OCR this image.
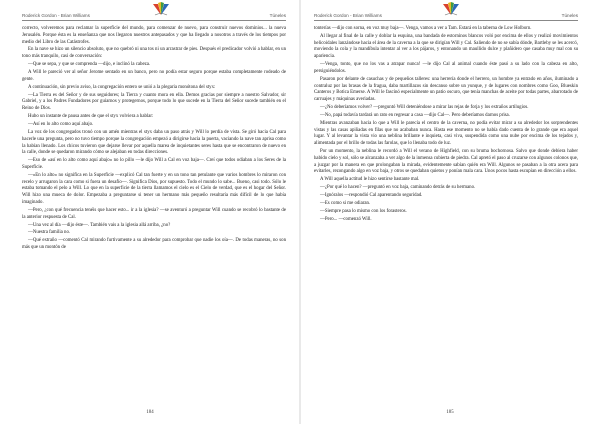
Roderick Gordon - Brian Williams	Túneles

correcto, volveremos para reclamar la superficie del mundo, para comenzar de nuevo, para construir nuevos dominios... la nueva Jerusalén. Porque ésta es la enseñanza que nos llegaron nuestros antepasados y que ha llegado a nosotros a través de los tiempos por medio del Libro de las Catástrofes.

En la nave se hizo un silencio absoluto, que no quebró ni una tos ni un arrastrar de pies. Después el predicador volvió a hablar, en un tono más tranquilo, casi de conversación:

—Que se sepa, y que se comprenda —dijo, e inclinó la cabeza.

A Will le pareció ver al señor Jerome sentado en un banco, pero no podía estar seguro porque estaba completamente rodeado de gente.

A continuación, sin previo aviso, la congregación entero se unió a la plegaria monótona del styx:

—La Tierra es del Señor y de sus seguidores; la Tierra y cuanto mora en ella. Demos gracias por siempre a nuestro Salvador, sir Gabriel, y a los Padres Fundadores por guiarnos y protegernos, porque todo lo que sucede en la Tierra del Señor sucede también en el Reino de Dios.

Hubo un instante de pausa antes de que el styx volviera a hablar:

—Así en lo alto como aquí abajo.

La voz de los congregados tronó con un amén mientras el styx daba un paso atrás y Will lo perdía de vista. Se giró hacia Cal para hacerle una pregunta, pero no tuvo tiempo porque la congregación empezó a dirigirse hacia la puerta, vaciando la nave tan aprisa como la habían llenado. Los chicos tuvieron que dejarse llevar por aquella marea de inquietantes seres hasta que se encontraron de nuevo en la calle, donde se quedaron mirando cómo se alejaban en todas direcciones.

—Eso de «así en lo alto como aquí abajo» no lo pillo —le dijo Will a Cal en voz baja—. Creí que todos odiaban a los Seres de la Superficie.

—«En lo alto» no significa en la Superficie —explicó Cal tan fuerte y en un tono tan petulante que varios hombres lo miraron con recelo y arrugaron la cara como si fuera un desafío—. Significa Dios, por supuesto. Todo el mundo lo sabe... Bueno, casi todo. Sólo le estaba tomando el pelo a Will. Lo que en la superficie de la tierra llamamos el cielo es el Cielo de verdad, que es el hogar del Señor. Will hizo una mueca de dolor. Empezaba a preguntarse si tener un hermano más pequeño resultaría más difícil de lo que había imaginado.

—Pero, ¿con qué frecuencia tenéis que hacer esto... ir a la iglesia? —se aventuró a preguntar Will cuando se recobró lo bastante de la anterior respuesta de Cal.

—Una vez al día —dijo éste—. También vais a la iglesia allá arriba, ¿no?

—Nuestra familia no.

—Qué extraño —comentó Cal mirando furtivamente a su alrededor para comprobar que nadie los oía—. De todas maneras, no son más que un montón de

184
Roderick Gordon - Brian Williams	Túneles

tonterías —dijo con sorna, en voz muy baja—. Venga, vamos a ver a Tam. Estará en la taberna de Low Holborn.

Al llegar al final de la calle y doblar la esquina, una bandada de estorninos blancos voló por encima de ellos y realizó movimientos helicoidales lanzándose hacia el área de la caverna a la que se dirigían Will y Cal. Saliendo de no se sabía dónde, Bartleby se les acercó, moviendo la cola y la mandíbula intentar al ver a los pájaros, y entonando un maullido dulce y plañidero que casaba muy mal con su apariencia.

—Venga, tonto, que no los vas a atrapar nunca! —le dijo Cal al animal cuando éste pasó a su lado con la cabeza en alto, persiguiéndolos.

Pasaron por delante de casuchas y de pequeños talleres: una herrería donde el herrero, un hombre ya entrado en años, iluminado a contraluz por las brasas de la fragua, daba martillazos sin descanso sobre un yunque, y de lugares con nombres como Goo, Blueskin Canteros y Botica Emerse. A Will le fascinó especialmente un patio oscuro, que tenía manchas de aceite por todas partes, abarrotado de carruajes y máquinas averiadas.

—¿No deberíamos volver? —preguntó Will deteniéndose a mirar las rejas de forja y los extraños artilugios.

—No, papá todavía tardará un rato en regresar a casa —dijo Cal—. Pero deberíamos darnos prisa.

Mientras avanzaban hacia lo que a Will le parecía el centro de la caverna, no podía evitar mirar a su alrededor los sorprendentes vistas y las casas apiñadas en filas que no acababan nunca. Hasta ese momento no se había dado cuenta de lo grande que era aquel lugar. Y al levantar la vista vio una neblina brillante e inquieta, casi viva, suspendida como una nube por encima de los tejados y, alimentada por el brillo de todas las farolas, que lo llenaba todo de luz.

Por un momento, la neblina le recordó a Will el verano de Highfield, con su bruma bochornosa. Salvo que donde debiera haber habido cielo y sol, sólo se alcanzaba a ver algo de la inmensa cubierta de piedra. Cal apretó el paso al cruzarse con algunos colonos que, a juzgar por la manera en que prolongaban la mirada, evidentemente sabían quién era Will. Algunos se pasaban a la otra acera para evitarles, rezongando algo en voz baja, y otros se quedaban quietos y ponían mala cara. Unos pocos hasta escupían en dirección a ellos.

A Will aquella actitud le hizo sentirse bastante mal.

—¿Por qué lo hacen? —preguntó en voz baja, caminando detrás de su hermano.

—Ignóralos —respondió Cal aparentando seguridad.

—Es como si me odiaran.

—Siempre pasa lo mismo con los forasteros.

—Pero... —comenzó Will.

185
